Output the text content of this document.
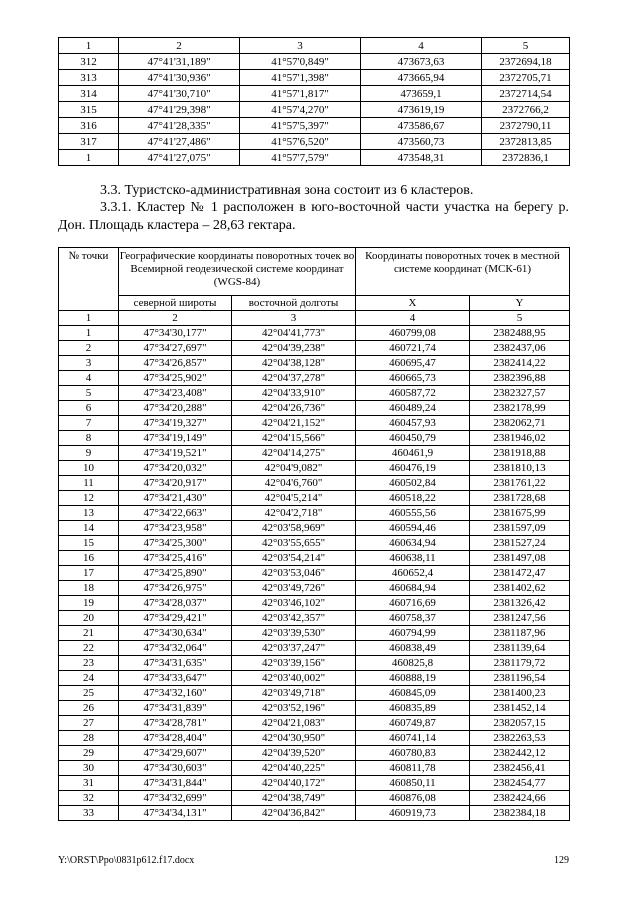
1	2	3	4	5
312	47°41'31,189"	41°57'0,849"	473673,63	2372694,18
313	47°41'30,936"	41°57'1,398"	473665,94	2372705,71
314	47°41'30,710"	41°57'1,817"	473659,1	2372714,54
315	47°41'29,398"	41°57'4,270"	473619,19	2372766,2
316	47°41'28,335"	41°57'5,397"	473586,67	2372790,11
317	47°41'27,486"	41°57'6,520"	473560,73	2372813,85
1	47°41'27,075"	41°57'7,579"	473548,31	2372836,1
3.3. Туристско-административная зона состоит из 6 кластеров.
3.3.1. Кластер № 1 расположен в юго-восточной части участка на берегу р. Дон. Площадь кластера – 28,63 гектара.
№ точки	Географические координаты поворотных точек во Всемирной геодезической системе координат (WGS-84)		Координаты поворотных точек в местной системе координат (МСК-61)	
	северной широты	восточной долготы	X	Y
1	2	3	4	5
1	47°34'30,177"	42°04'41,773"	460799,08	2382488,95
2	47°34'27,697"	42°04'39,238"	460721,74	2382437,06
3	47°34'26,857"	42°04'38,128"	460695,47	2382414,22
4	47°34'25,902"	42°04'37,278"	460665,73	2382396,88
5	47°34'23,408"	42°04'33,910"	460587,72	2382327,57
6	47°34'20,288"	42°04'26,736"	460489,24	2382178,99
7	47°34'19,327"	42°04'21,152"	460457,93	2382062,71
8	47°34'19,149"	42°04'15,566"	460450,79	2381946,02
9	47°34'19,521"	42°04'14,275"	460461,9	2381918,88
10	47°34'20,032"	42°04'9,082"	460476,19	2381810,13
11	47°34'20,917"	42°04'6,760"	460502,84	2381761,22
12	47°34'21,430"	42°04'5,214"	460518,22	2381728,68
13	47°34'22,663"	42°04'2,718"	460555,56	2381675,99
14	47°34'23,958"	42°03'58,969"	460594,46	2381597,09
15	47°34'25,300"	42°03'55,655"	460634,94	2381527,24
16	47°34'25,416"	42°03'54,214"	460638,11	2381497,08
17	47°34'25,890"	42°03'53,046"	460652,4	2381472,47
18	47°34'26,975"	42°03'49,726"	460684,94	2381402,62
19	47°34'28,037"	42°03'46,102"	460716,69	2381326,42
20	47°34'29,421"	42°03'42,357"	460758,37	2381247,56
21	47°34'30,634"	42°03'39,530"	460794,99	2381187,96
22	47°34'32,064"	42°03'37,247"	460838,49	2381139,64
23	47°34'31,635"	42°03'39,156"	460825,8	2381179,72
24	47°34'33,647"	42°03'40,002"	460888,19	2381196,54
25	47°34'32,160"	42°03'49,718"	460845,09	2381400,23
26	47°34'31,839"	42°03'52,196"	460835,89	2381452,14
27	47°34'28,781"	42°04'21,083"	460749,87	2382057,15
28	47°34'28,404"	42°04'30,950"	460741,14	2382263,53
29	47°34'29,607"	42°04'39,520"	460780,83	2382442,12
30	47°34'30,603"	42°04'40,225"	460811,78	2382456,41
31	47°34'31,844"	42°04'40,172"	460850,11	2382454,77
32	47°34'32,699"	42°04'38,749"	460876,08	2382424,66
33	47°34'34,131"	42°04'36,842"	460919,73	2382384,18
Y:\ORST\Ppo\0831p612.f17.docx	129
